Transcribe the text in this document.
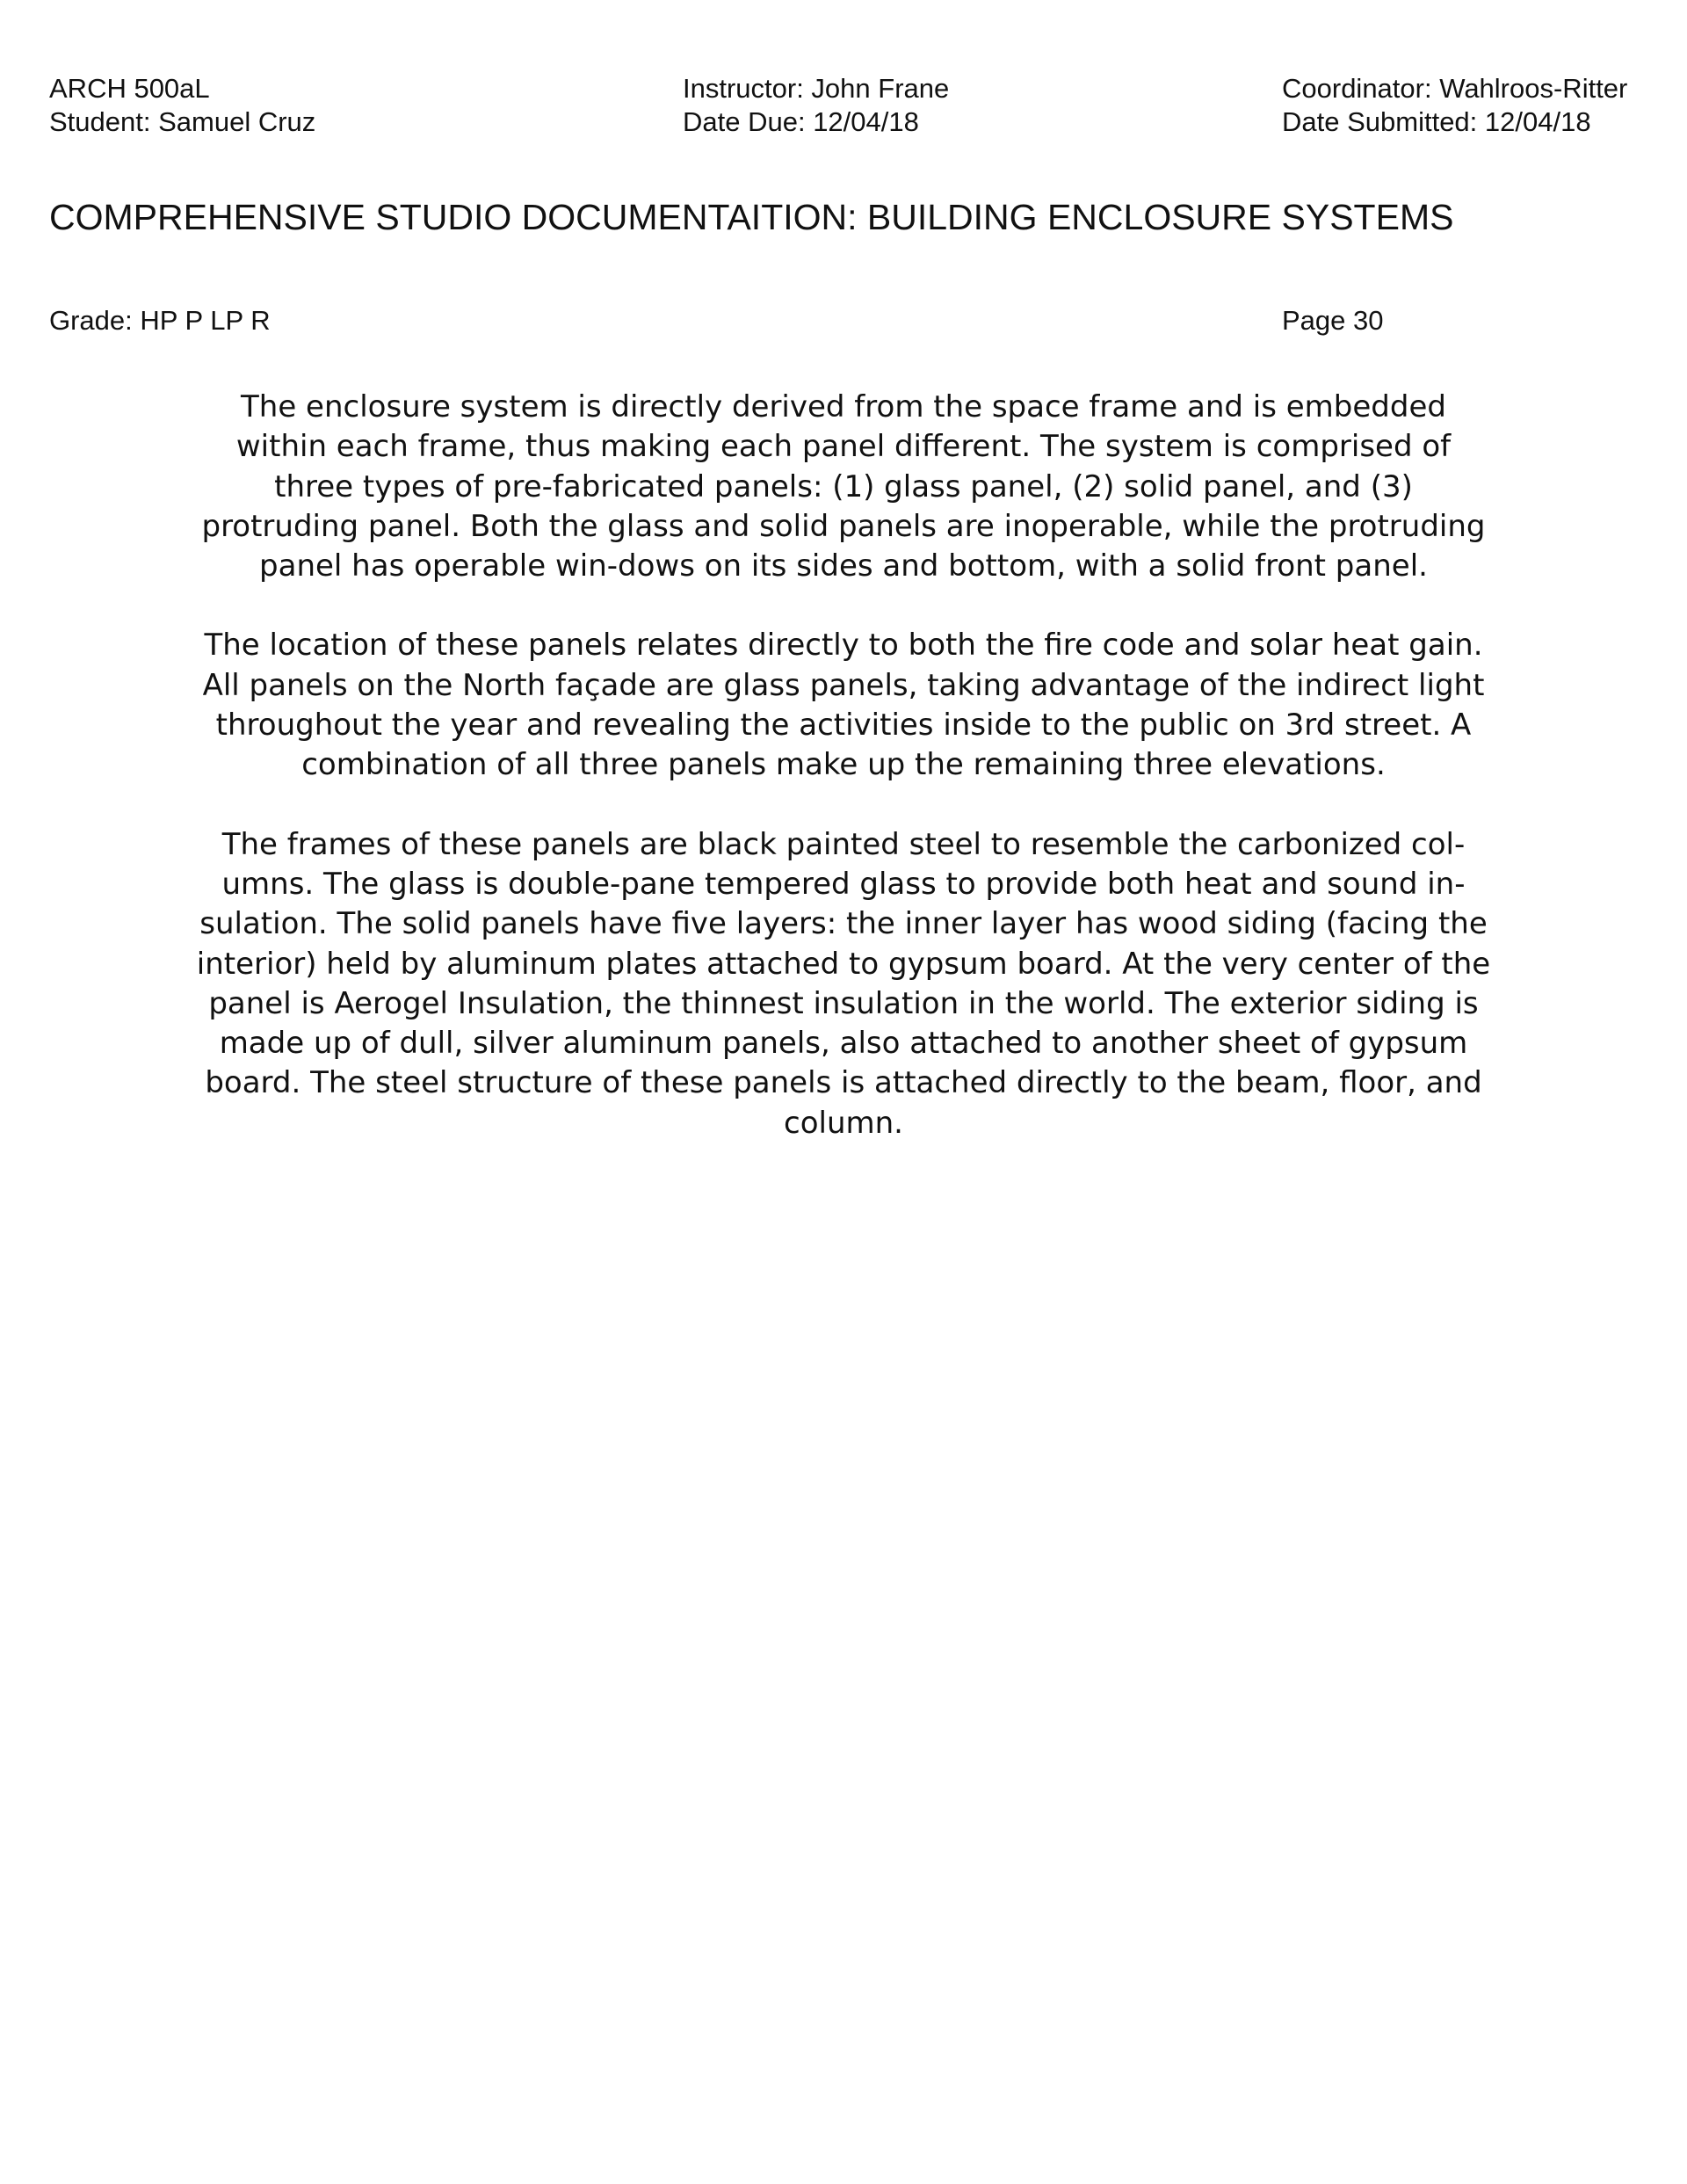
ARCH 500aL
Student: Samuel Cruz
Instructor: John Frane
Date Due: 12/04/18
Coordinator: Wahlroos-Ritter
Date Submitted: 12/04/18
COMPREHENSIVE STUDIO DOCUMENTAITION: BUILDING ENCLOSURE SYSTEMS
Grade: HP P LP R	Page 30

The enclosure system is directly derived from the space frame and is embedded within each frame, thus making each panel different. The system is comprised of three types of pre-fabricated panels: (1) glass panel, (2) solid panel, and (3) protruding panel. Both the glass and solid panels are inoperable, while the protruding panel has operable win-dows on its sides and bottom, with a solid front panel.

The location of these panels relates directly to both the fire code and solar heat gain. All panels on the North façade are glass panels, taking advantage of the indirect light throughout the year and revealing the activities inside to the public on 3rd street. A combination of all three panels make up the remaining three elevations.

The frames of these panels are black painted steel to resemble the carbonized col-umns. The glass is double-pane tempered glass to provide both heat and sound in-sulation. The solid panels have five layers: the inner layer has wood siding (facing the interior) held by aluminum plates attached to gypsum board. At the very center of the panel is Aerogel Insulation, the thinnest insulation in the world. The exterior siding is made up of dull, silver aluminum panels, also attached to another sheet of gypsum board. The steel structure of these panels is attached directly to the beam, floor, and column.
